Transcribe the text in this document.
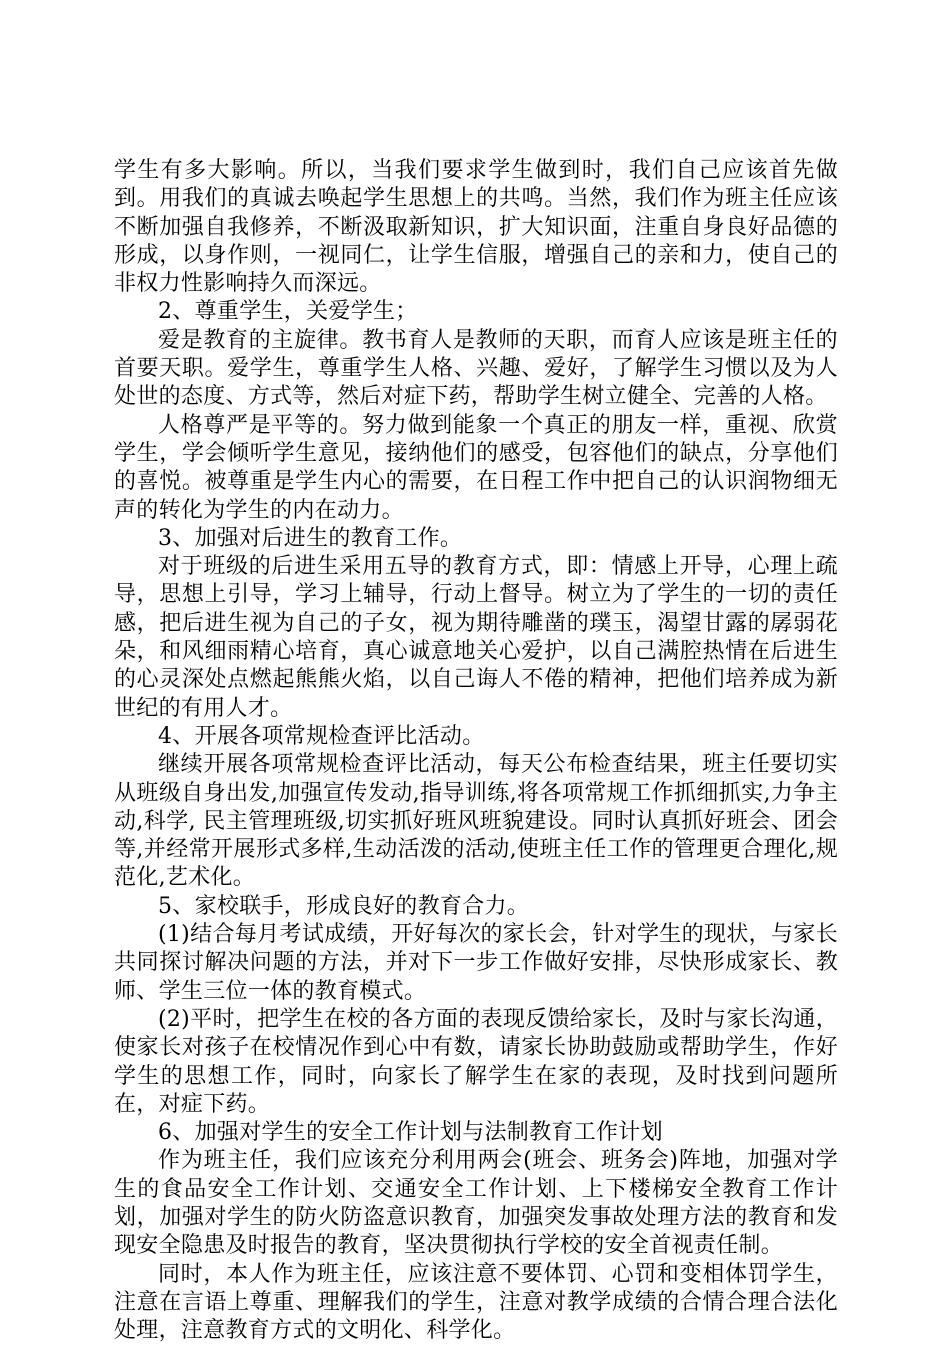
学生有多大影响。所以，当我们要求学生做到时，我们自己应该首先做到。用我们的真诚去唤起学生思想上的共鸣。当然，我们作为班主任应该不断加强自我修养，不断汲取新知识，扩大知识面，注重自身良好品德的形成，以身作则，一视同仁，让学生信服，增强自己的亲和力，使自己的非权力性影响持久而深远。

2、尊重学生，关爱学生；

爱是教育的主旋律。教书育人是教师的天职，而育人应该是班主任的首要天职。爱学生，尊重学生人格、兴趣、爱好，了解学生习惯以及为人处世的态度、方式等，然后对症下药，帮助学生树立健全、完善的人格。

人格尊严是平等的。努力做到能象一个真正的朋友一样，重视、欣赏学生，学会倾听学生意见，接纳他们的感受，包容他们的缺点，分享他们的喜悦。被尊重是学生内心的需要，在日程工作中把自己的认识润物细无声的转化为学生的内在动力。

3、加强对后进生的教育工作。

对于班级的后进生采用五导的教育方式，即：情感上开导，心理上疏导，思想上引导，学习上辅导，行动上督导。树立为了学生的一切的责任感，把后进生视为自己的子女，视为期待雕凿的璞玉，渴望甘露的孱弱花朵，和风细雨精心培育，真心诚意地关心爱护，以自己满腔热情在后进生的心灵深处点燃起熊熊火焰，以自己诲人不倦的精神，把他们培养成为新世纪的有用人才。

4、开展各项常规检查评比活动。

继续开展各项常规检查评比活动，每天公布检查结果，班主任要切实从班级自身出发,加强宣传发动,指导训练,将各项常规工作抓细抓实,力争主动,科学, 民主管理班级,切实抓好班风班貌建设。同时认真抓好班会、团会等,并经常开展形式多样,生动活泼的活动,使班主任工作的管理更合理化,规范化,艺术化。

5、家校联手，形成良好的教育合力。

(1)结合每月考试成绩，开好每次的家长会，针对学生的现状，与家长共同探讨解决问题的方法，并对下一步工作做好安排，尽快形成家长、教师、学生三位一体的教育模式。

(2)平时，把学生在校的各方面的表现反馈给家长，及时与家长沟通，使家长对孩子在校情况作到心中有数，请家长协助鼓励或帮助学生，作好学生的思想工作，同时，向家长了解学生在家的表现，及时找到问题所在，对症下药。

6、加强对学生的安全工作计划与法制教育工作计划

作为班主任，我们应该充分利用两会(班会、班务会)阵地，加强对学生的食品安全工作计划、交通安全工作计划、上下楼梯安全教育工作计划，加强对学生的防火防盗意识教育，加强突发事故处理方法的教育和发现安全隐患及时报告的教育，坚决贯彻执行学校的安全首视责任制。

同时，本人作为班主任，应该注意不要体罚、心罚和变相体罚学生，注意在言语上尊重、理解我们的学生，注意对教学成绩的合情合理合法化处理，注意教育方式的文明化、科学化。
